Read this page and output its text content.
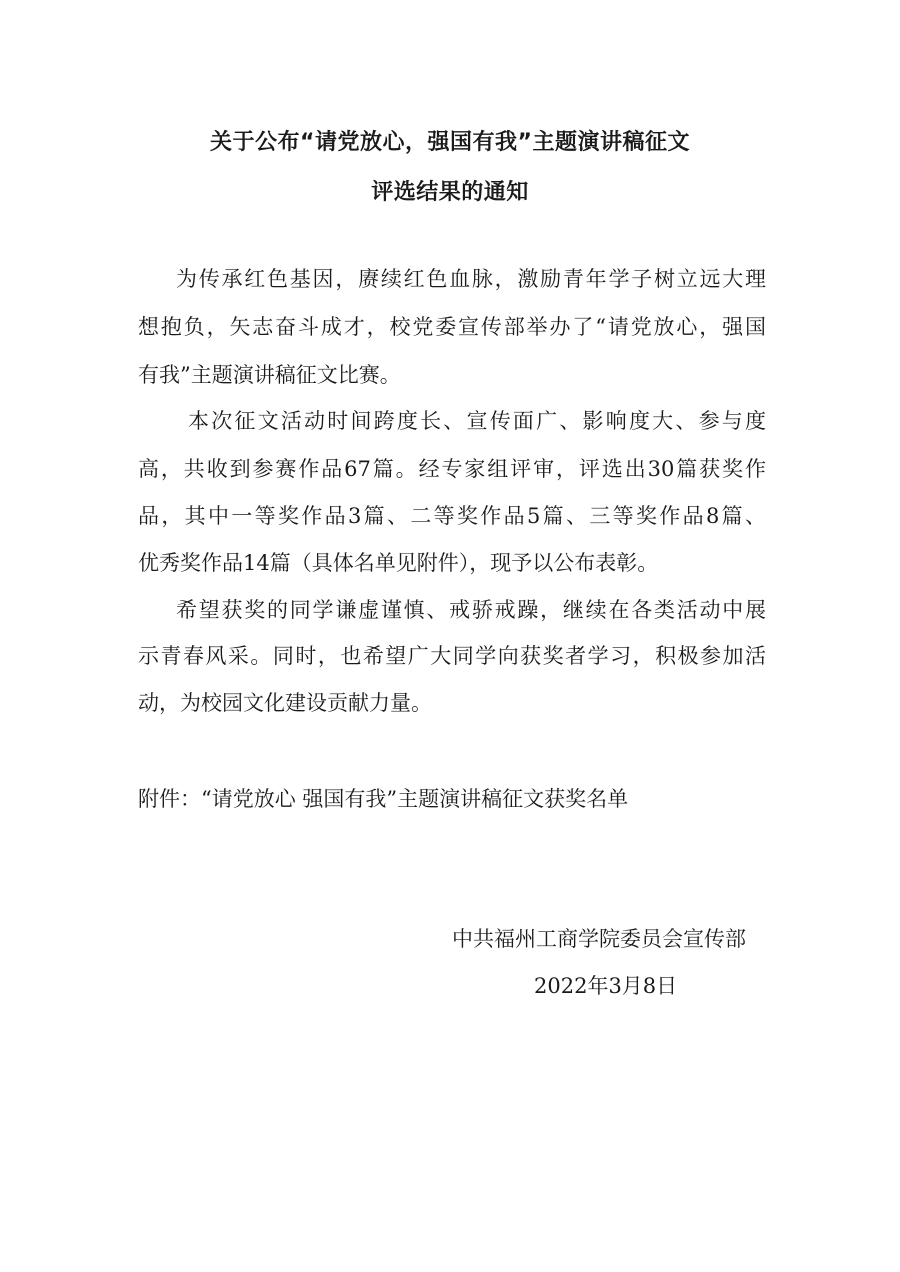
关于公布“请党放心，强国有我”主题演讲稿征文
评选结果的通知
为传承红色基因，赓续红色血脉，激励青年学子树立远大理
想抱负，矢志奋斗成才，校党委宣传部举办了“请党放心，强国
有我”主题演讲稿征文比赛。
本次征文活动时间跨度长、宣传面广、影响度大、参与度
高，共收到参赛作品67篇。经专家组评审，评选出30篇获奖作
品，其中一等奖作品3篇、二等奖作品5篇、三等奖作品8篇、
优秀奖作品14篇（具体名单见附件），现予以公布表彰。
希望获奖的同学谦虚谨慎、戒骄戒躁，继续在各类活动中展
示青春风采。同时，也希望广大同学向获奖者学习，积极参加活
动，为校园文化建设贡献力量。
附件：“请党放心 强国有我”主题演讲稿征文获奖名单
中共福州工商学院委员会宣传部
2022年3月8日
